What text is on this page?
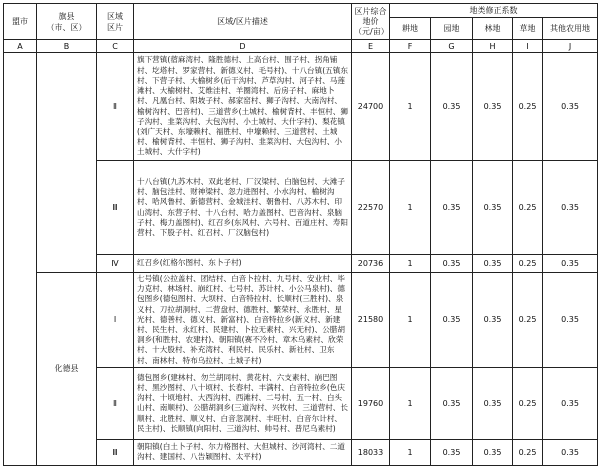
盟市	旗县
（市、区）	区域
区片	区域/区片描述	区片综合
地价
（元/亩）	地类修正系数				
					耕地	园地	林地	草地	其他农用地
A	B	C	D	E	F	G	H	I	J
		Ⅱ	旗下营镇(蓿麻湾村、隆胜德村、上高台村、围子村、拐角铺村、圪塔村、罗家营村、新德义村、毛号村)、十八台镇(五镇东村、下营子村、大榆树乡(后干沟村、芦草沟村、河子村、马莲滩村、大榆树村、艾维洼村、羊圈湾村、后房子村、麻地卜村、凡凰台村、阳坡子村、郝家窑村、狮子沟村、大南沟村、榆树沟村、巴音村)、三道营乡(土城村、榆树背村、丰恒村、狮子沟村、韭菜沟村、大包沟村、小土城村、大什字村)、梨花镇(刘广天村、东壕赖村、福胜村、中壕赖村、三道营村、土城村、榆树背村、丰恒村、狮子沟村、韭菜沟村、大包沟村、小土城村、大什字村)	24700	1	0.35	0.35	0.25	0.35
		Ⅲ	十八台镇(九苏木村、双此老村、厂汉梁村、白脑包村、大滩子村、脑包洼村、财神梁村、忽力进图村、小水沟村、榆树沟村、哈风鲁村、新德营村、金城洼村、朝鲁村、八苏木村、印山湾村、东营子村、十八台村、哈力盖图村、巴音沟村、泉脑子村、梅力盖图村)、红召乡(东风村、六号村、百道庄村、寿阳营村、下股子村、红召村、厂汉脑包村)	22570	1	0.35	0.35	0.25	0.35
		Ⅳ	红召乡(红格尔图村、东卜子村)	20736	1	0.35	0.35	0.25	0.35
	化德县	Ⅰ	七号镇(公拉盖村、团结村、白音卜拉村、九号村、安业村、毕力克村、林场村、崩红村、七号村、苏计村、小公马泉村)、德包图乡(德包图村、大坝村、白音特拉村、长顺村(三胜村)、泉义村、刀拉胡洞村、二营盘村、德胜村、繁荣村、永胜村、星光村、德善村、德义村、新富村)、白音特拉乡(新义村、新建村、民生村、永红村、民建村、卜拉无素村、兴无村)、公腊胡洞乡(和胜村、农建村)、朝阳镇(赛不冷村、章木乌素村、欣荣村、十大股村、补充湾村、利民村、民乐村、新社村、卫东村、南林村、特布乌拉村、土城子村)	21580	1	0.35	0.35	0.25	0.35
		Ⅱ	德包图乡(建林村、勿兰胡同村、黄花村、六支素村、崩巴图村、黑沙图村、八十顷村、长春村、丰满村、白音特拉乡(色庆沟村、十顷地村、大西沟村、西滩村、二号村、五一村、白头山村、南顺村)、公腊胡洞乡(三道沟村、兴牧村、三道营村、长顺村、北胜村、顺义村、白音忽洞村、丰旺村、白音尔计村、民主村)、长顺镇(向阳村、三道沟村、帅号村、普尼乌素村)	19760	1	0.35	0.35	0.25	0.35
		Ⅲ	朝阳镇(白土卜子村、尔力格图村、大但城村、沙河湾村、二道沟村、建国村、八告颖图村、太平村)	18033	1	0.35	0.35	0.25	0.35
